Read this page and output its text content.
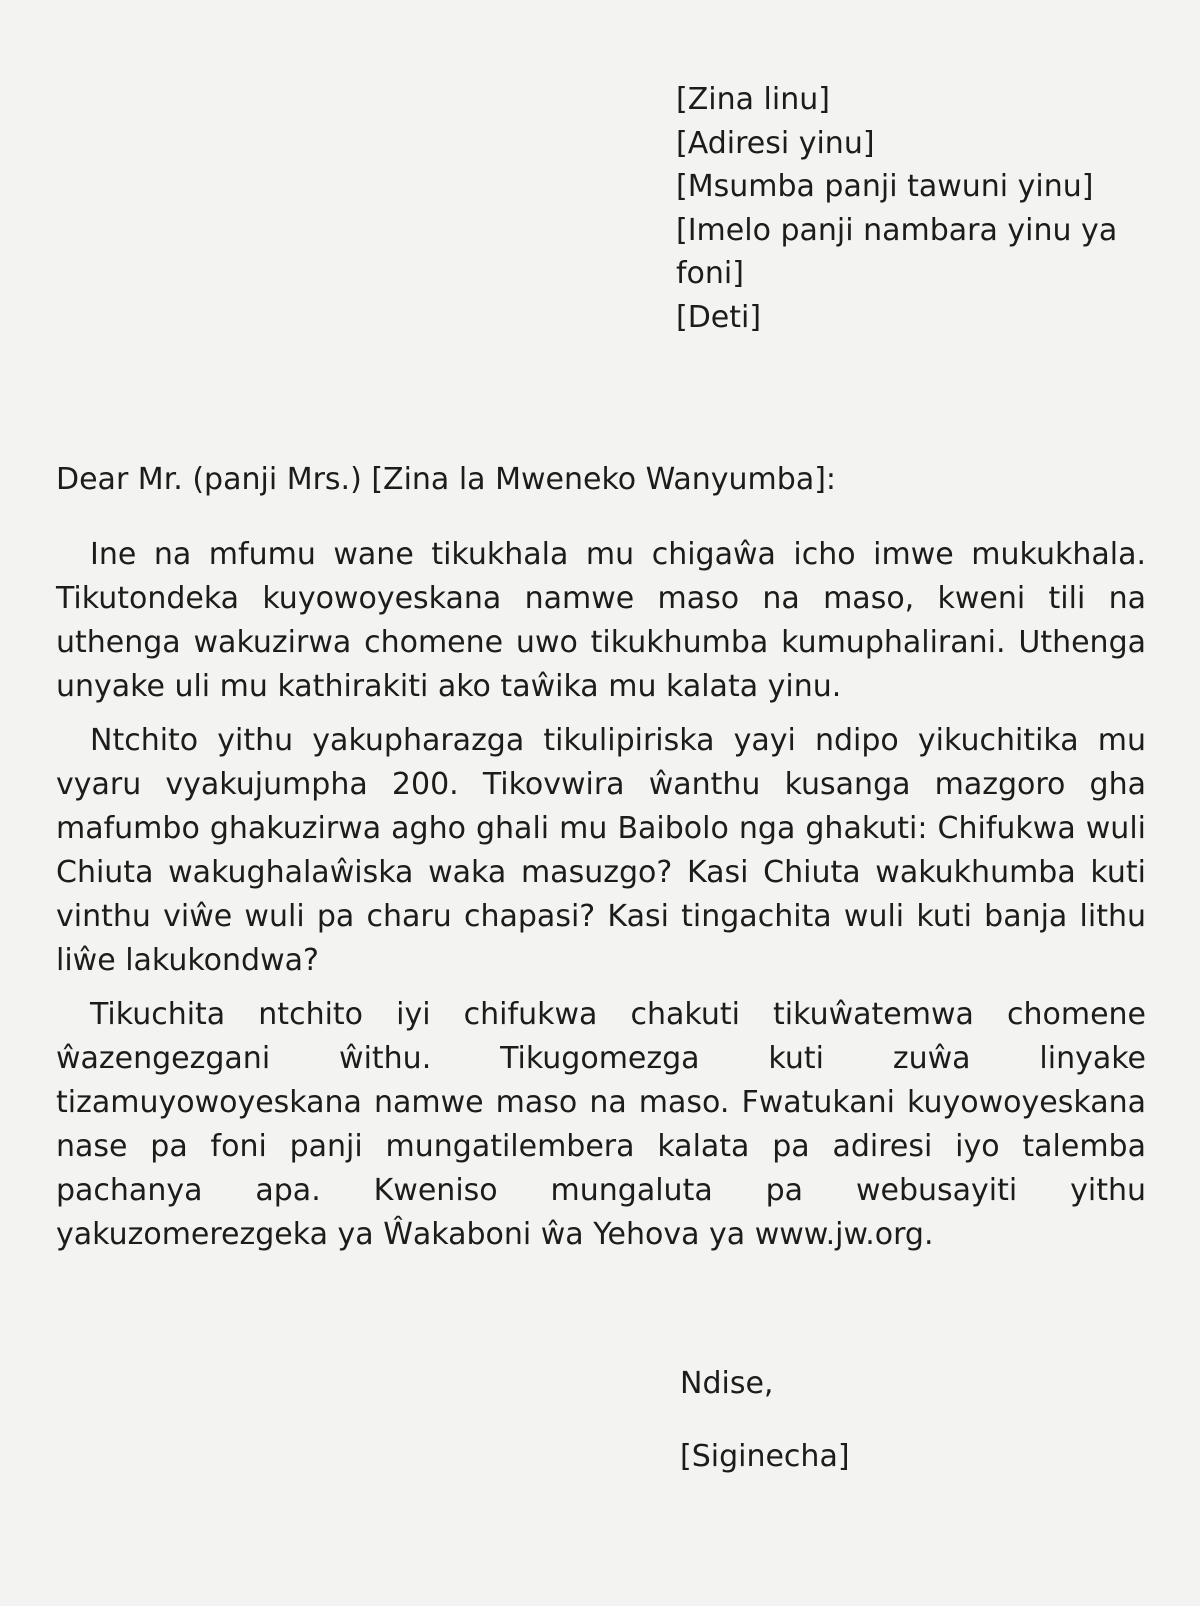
[Zina linu]
[Adiresi yinu]
[Msumba panji tawuni yinu]
[Imelo panji nambara yinu ya
foni]
[Deti]
Dear Mr. (panji Mrs.) [Zina la Mweneko Wanyumba]:

Ine na mfumu wane tikukhala mu chigaŵa icho imwe mukukhala. Tikutondeka kuyowoyeskana namwe maso na maso, kweni tili na uthenga wakuzirwa chomene uwo tikukhumba kumuphalirani. Uthenga unyake uli mu kathirakiti ako taŵika mu kalata yinu.

Ntchito yithu yakupharazga tikulipiriska yayi ndipo yikuchitika mu vyaru vyakujumpha 200. Tikovwira ŵanthu kusanga mazgoro gha mafumbo ghakuzirwa agho ghali mu Baibolo nga ghakuti: Chifukwa wuli Chiuta wakughalaŵiska waka masuzgo? Kasi Chiuta wakukhumba kuti vinthu viŵe wuli pa charu chapasi? Kasi tingachita wuli kuti banja lithu liŵe lakukondwa?

Tikuchita ntchito iyi chifukwa chakuti tikuŵatemwa chomene ŵazengezgani ŵithu. Tikugomezga kuti zuŵa linyake tizamuyowoyeskana namwe maso na maso. Fwatukani kuyowoyeskana nase pa foni panji mungatilembera kalata pa adiresi iyo talemba pachanya apa. Kweniso mungaluta pa webusayiti yithu yakuzomerezgeka ya Ŵakaboni ŵa Yehova ya www.jw.org.

Ndise,
[Siginecha]
